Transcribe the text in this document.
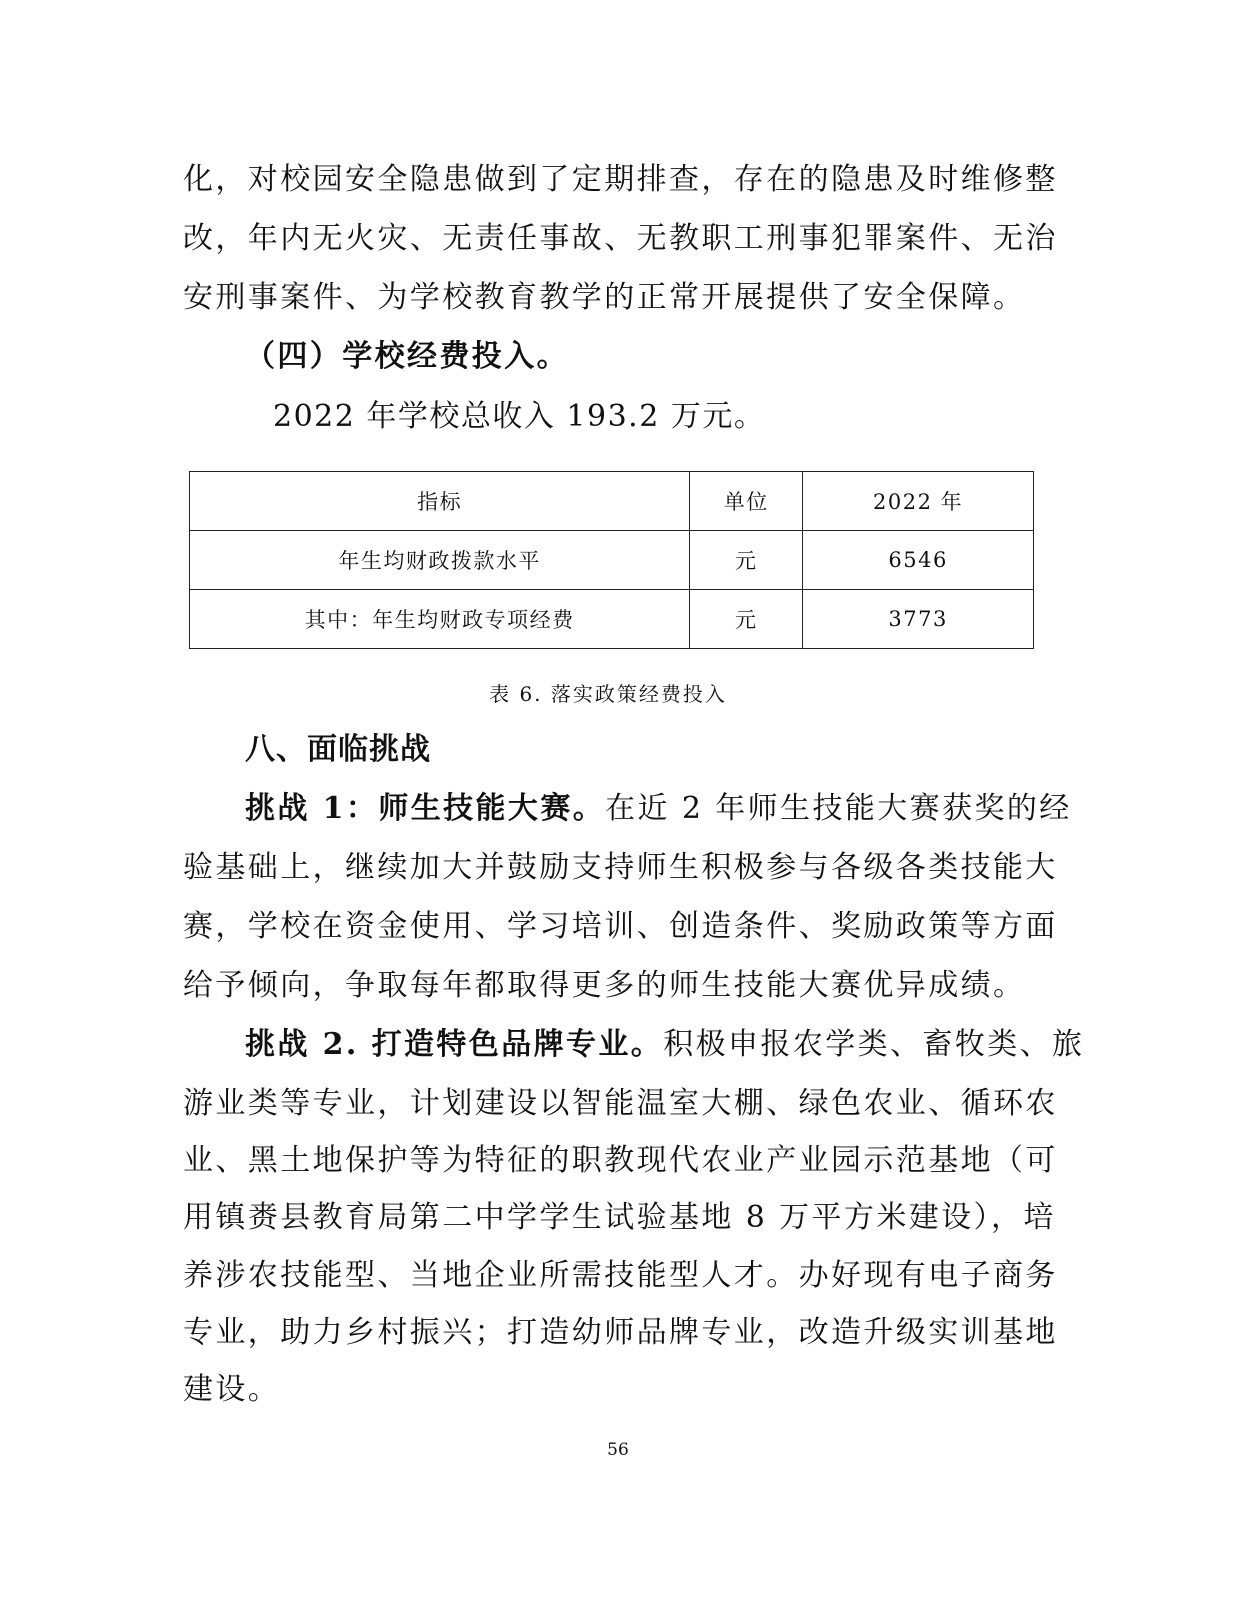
化，对校园安全隐患做到了定期排查，存在的隐患及时维修整
改，年内无火灾、无责任事故、无教职工刑事犯罪案件、无治
安刑事案件、为学校教育教学的正常开展提供了安全保障。
（四）学校经费投入。
2022 年学校总收入 193.2 万元。
指标	单位	2022 年
年生均财政拨款水平	元	6546
其中：年生均财政专项经费	元	3773
表 6. 落实政策经费投入
八、面临挑战
挑战 1：师生技能大赛。在近 2 年师生技能大赛获奖的经
验基础上，继续加大并鼓励支持师生积极参与各级各类技能大
赛，学校在资金使用、学习培训、创造条件、奖励政策等方面
给予倾向，争取每年都取得更多的师生技能大赛优异成绩。
挑战 2. 打造特色品牌专业。积极申报农学类、畜牧类、旅
游业类等专业，计划建设以智能温室大棚、绿色农业、循环农
业、黑土地保护等为特征的职教现代农业产业园示范基地（可
用镇赉县教育局第二中学学生试验基地 8 万平方米建设），培
养涉农技能型、当地企业所需技能型人才。办好现有电子商务
专业，助力乡村振兴；打造幼师品牌专业，改造升级实训基地
建设。
56
